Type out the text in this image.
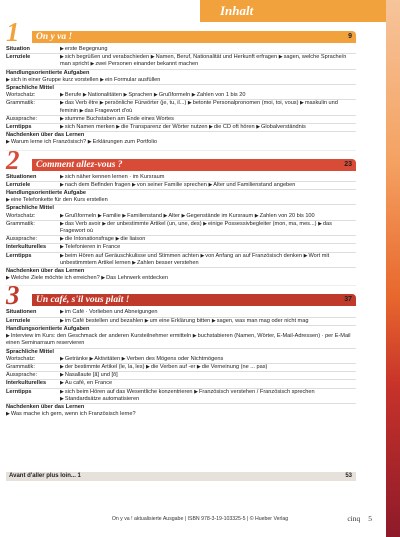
Inhalt
1	On y va !	9
Situation	▶erste Begegnung
Lernziele	▶sich begrüßen und verabschieden ▶Namen, Beruf, Nationalität und Herkunft erfragen ▶sagen, welche Sprache/n man spricht ▶zwei Personen einander bekannt machen
Handlungsorientierte Aufgaben
▶sich in einer Gruppe kurz vorstellen ▶ein Formular ausfüllen
Sprachliche Mittel
Wortschatz:	▶Berufe ▶Nationalitäten ▶Sprachen ▶Grußformeln ▶Zahlen von 1 bis 20
Grammatik:	▶das Verb être ▶persönliche Fürwörter (je, tu, il...) ▶betonte Personalpronomen (moi, toi, vous) ▶maskulin und feminin ▶das Fragewort d'où
Aussprache:	▶stumme Buchstaben am Ende eines Wortes
Lerntipps	▶sich Namen merken ▶die Transparenz der Wörter nutzen ▶die CD oft hören ▶Globalverständnis
Nachdenken über das Lernen
▶Warum lerne ich Französisch? ▶Erklärungen zum Portfolio
2	Comment allez-vous ?	23
Situationen	▶sich näher kennen lernen · im Kursraum
Lernziele	▶nach dem Befinden fragen ▶von seiner Familie sprechen ▶Alter und Familienstand angeben
Handlungsorientierte Aufgabe
▶eine Telefonkette für den Kurs erstellen
Sprachliche Mittel
Wortschatz:	▶Grußformeln ▶Familie ▶Familienstand ▶Alter ▶Gegenstände im Kursraum ▶Zahlen von 20 bis 100
Grammatik:	▶das Verb avoir ▶der unbestimmte Artikel (un, une, des) ▶einige Possessivbegleiter (mon, ma, mes...) ▶das Fragewort où
Aussprache:	▶die Intonationsfrage ▶die liaison
Interkulturelles	▶Telefonieren in France
Lerntipps	▶beim Hören auf Geräuschkulisse und Stimmen achten ▶von Anfang an auf Französisch denken ▶Wort mit unbestimmtem Artikel lernen ▶Zahlen besser verstehen
Nachdenken über das Lernen
▶Welche Ziele möchte ich erreichen? ▶Das Lehrwerk entdecken
3	Un café, s'il vous plaît !	37
Situationen	▶im Café · Vorlieben und Abneigungen
Lernziele	▶im Café bestellen und bezahlen ▶um eine Erklärung bitten ▶sagen, was man mag oder nicht mag
Handlungsorientierte Aufgaben
▶Interview im Kurs: den Geschmack der anderen Kursteilnehmer ermitteln ▶buchstabieren (Namen, Wörter, E-Mail-Adressen) · per E-Mail einen Seminarraum reservieren
Sprachliche Mittel
Wortschatz:	▶Getränke ▶Aktivitäten ▶Verben des Mögens oder Nichtmögens
Grammatik:	▶der bestimmte Artikel (le, la, les) ▶die Verben auf -er ▶die Verneinung (ne ... pas)
Aussprache:	▶Nasallaute [ã] und [õ]
Interkulturelles	▶Au café, en France
Lerntipps	▶sich beim Hören auf das Wesentliche konzentrieren ▶Französisch verstehen / Französisch sprechen ▶Standardsätze automatisieren
Nachdenken über das Lernen
▶Was mache ich gern, wenn ich Französisch lerne?
Avant d'aller plus loin... 1	53
On y va ! aktualisierte Ausgabe | ISBN 978-3-19-103325-5 | © Hueber Verlag	cinq 5
